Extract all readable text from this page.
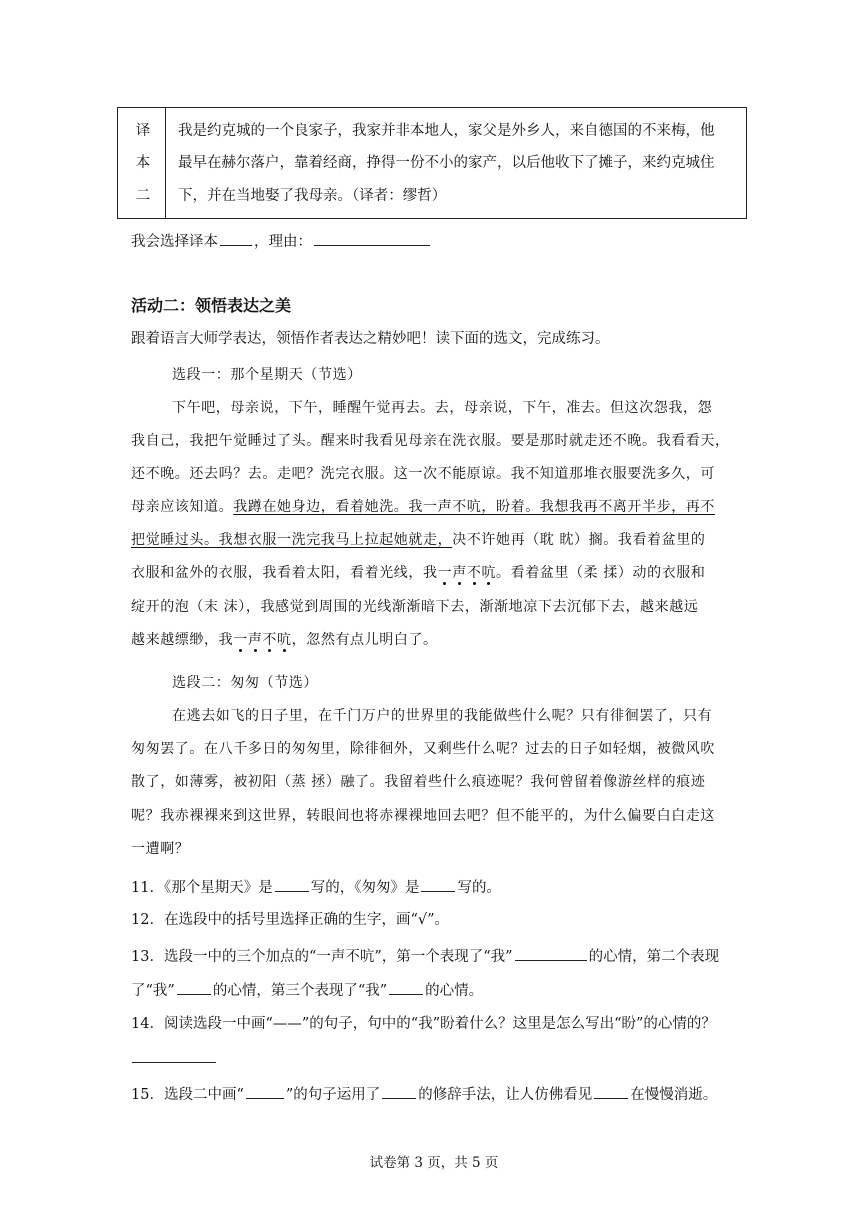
译
本
二
我是约克城的一个良家子，我家并非本地人，家父是外乡人，来自德国的不来梅，他
最早在赫尔落户，靠着经商，挣得一份不小的家产，以后他收下了摊子，来约克城住
下，并在当地娶了我母亲。（译者：缪哲）
我会选择译本 ，理由：
活动二：领悟表达之美
跟着语言大师学表达，领悟作者表达之精妙吧！读下面的选文，完成练习。
选段一：那个星期天（节选）
下午吧，母亲说，下午，睡醒午觉再去。去，母亲说，下午，准去。但这次怨我，怨
我自己，我把午觉睡过了头。醒来时我看见母亲在洗衣服。要是那时就走还不晚。我看看天，
还不晚。还去吗？去。走吧？洗完衣服。这一次不能原谅。我不知道那堆衣服要洗多久，可
母亲应该知道。我蹲在她身边，看着她洗。我一声不吭，盼着。我想我再不离开半步，再不
把觉睡过头。我想衣服一洗完我马上拉起她就走，决不许她再（耽 眈）搁。我看着盆里的
衣服和盆外的衣服，我看着太阳，看着光线，我一声不吭。看着盆里（柔 揉）动的衣服和
绽开的泡（末 沫），我感觉到周围的光线渐渐暗下去，渐渐地凉下去沉郁下去，越来越远
越来越缥缈，我一声不吭，忽然有点儿明白了。
选段二：匆匆（节选）
在逃去如飞的日子里，在千门万户的世界里的我能做些什么呢？只有徘徊罢了，只有
匆匆罢了。在八千多日的匆匆里，除徘徊外，又剩些什么呢？过去的日子如轻烟，被微风吹
散了，如薄雾，被初阳（蒸 拯）融了。我留着些什么痕迹呢？我何曾留着像游丝样的痕迹
呢？我赤裸裸来到这世界，转眼间也将赤裸裸地回去吧？但不能平的，为什么偏要白白走这
一遭啊？
11．《那个星期天》是	写的，《匆匆》是	写的。
12．在选段中的括号里选择正确的生字，画“√”。
13．选段一中的三个加点的“一声不吭”，第一个表现了“我”	的心情，第二个表现
了“我”	的心情，第三个表现了“我”	的心情。
14．阅读选段一中画“——”的句子，句中的“我”盼着什么？这里是怎么写出“盼”的心情的？
15．选段二中画“	”的句子运用了	的修辞手法，让人仿佛看见	在慢慢消逝。
试卷第 3 页，共 5 页
